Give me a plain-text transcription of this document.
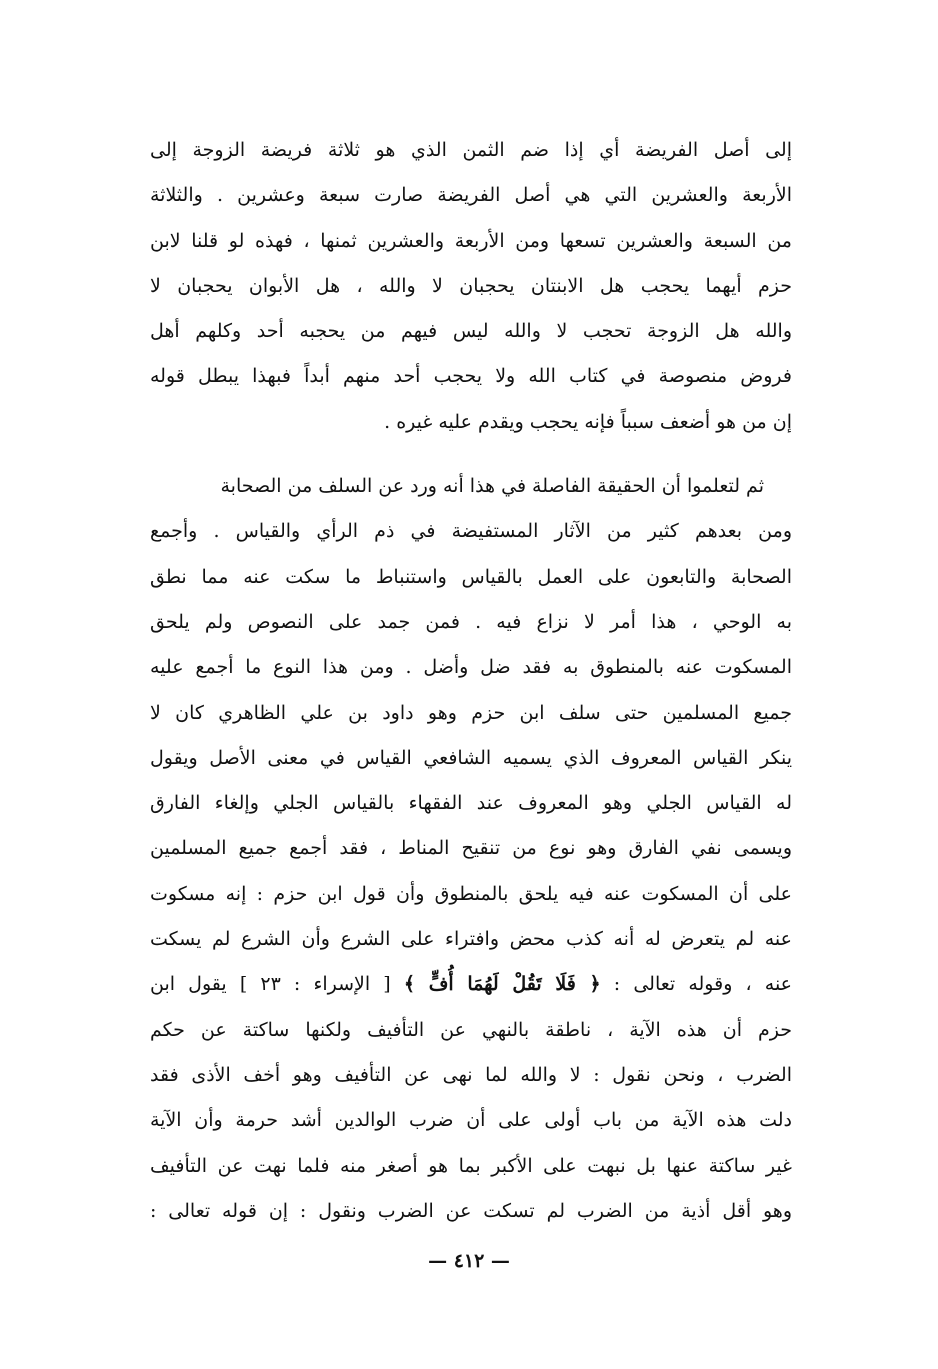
إلى أصل الفريضة أي إذا ضم الثمن الذي هو ثلاثة فريضة الزوجة إلى
الأربعة والعشرين التي هي أصل الفريضة صارت سبعة وعشرين . والثلاثة
من السبعة والعشرين تسعها ومن الأربعة والعشرين ثمنها ، فهذه لو قلنا لابن
حزم أيهما يحجب هل الابنتان يحجبان لا والله ، هل الأبوان يحجبان لا
والله هل الزوجة تحجب لا والله ليس فيهم من يحجبه أحد وكلهم أهل
فروض منصوصة في كتاب الله ولا يحجب أحد منهم أبداً فبهذا يبطل قوله
إن من هو أضعف سبباً فإنه يحجب ويقدم عليه غيره .
ثم لتعلموا أن الحقيقة الفاصلة في هذا أنه ورد عن السلف من الصحابة
ومن بعدهم كثير من الآثار المستفيضة في ذم الرأي والقياس . وأجمع
الصحابة والتابعون على العمل بالقياس واستنباط ما سكت عنه مما نطق
به الوحي ، هذا أمر لا نزاع فيه . فمن جمد على النصوص ولم يلحق
المسكوت عنه بالمنطوق به فقد ضل وأضل . ومن هذا النوع ما أجمع عليه
جميع المسلمين حتى سلف ابن حزم وهو داود بن علي الظاهري كان لا
ينكر القياس المعروف الذي يسميه الشافعي القياس في معنى الأصل ويقول
له القياس الجلي وهو المعروف عند الفقهاء بالقياس الجلي وإلغاء الفارق
ويسمى نفي الفارق وهو نوع من تنقيح المناط ، فقد أجمع جميع المسلمين
على أن المسكوت عنه فيه يلحق بالمنطوق وأن قول ابن حزم : إنه مسكوت
عنه لم يتعرض له أنه كذب محض وافتراء على الشرع وأن الشرع لم يسكت
عنه ، وقوله تعالى : ﴿ فَلَا تَقُلْ لَهُمَا أُفٍّ ﴾ [ الإسراء : ٢٣ ] يقول ابن
حزم أن هذه الآية ، ناطقة بالنهي عن التأفيف ولكنها ساكتة عن حكم
الضرب ، ونحن نقول : لا والله لما نهى عن التأفيف وهو أخف الأذى فقد
دلت هذه الآية من باب أولى على أن ضرب الوالدين أشد حرمة وأن الآية
غير ساكتة عنها بل نبهت على الأكبر بما هو أصغر منه فلما نهت عن التأفيف
وهو أقل أذية من الضرب لم تسكت عن الضرب ونقول : إن قوله تعالى :
— ٤١٢ —
